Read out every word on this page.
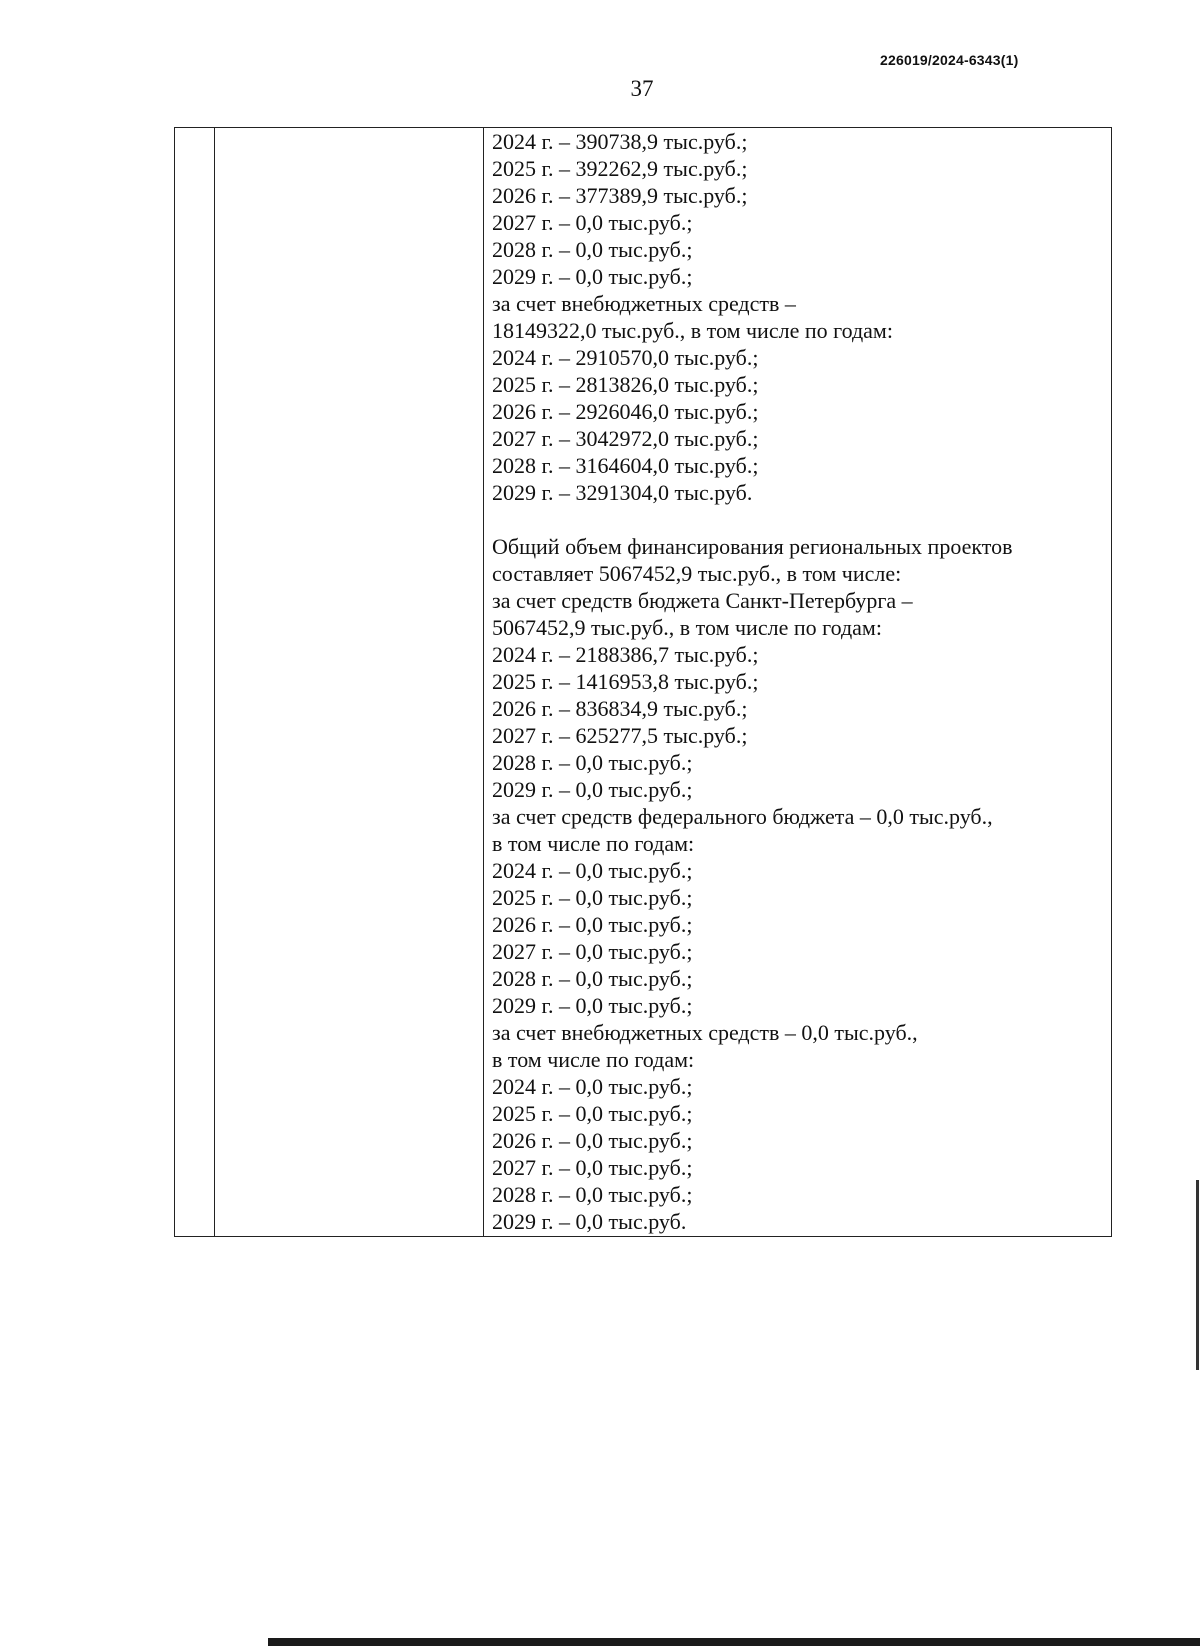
226019/2024-6343(1)
37
2024 г. – 390738,9 тыс.руб.;
2025 г. – 392262,9 тыс.руб.;
2026 г. – 377389,9 тыс.руб.;
2027 г. – 0,0 тыс.руб.;
2028 г. – 0,0 тыс.руб.;
2029 г. – 0,0 тыс.руб.;
за счет внебюджетных средств –
18149322,0 тыс.руб., в том числе по годам:
2024 г. – 2910570,0 тыс.руб.;
2025 г. – 2813826,0 тыс.руб.;
2026 г. – 2926046,0 тыс.руб.;
2027 г. – 3042972,0 тыс.руб.;
2028 г. – 3164604,0 тыс.руб.;
2029 г. – 3291304,0 тыс.руб.
Общий объем финансирования региональных проектов
составляет 5067452,9 тыс.руб., в том числе:
за счет средств бюджета Санкт-Петербурга –
5067452,9 тыс.руб., в том числе по годам:
2024 г. – 2188386,7 тыс.руб.;
2025 г. – 1416953,8 тыс.руб.;
2026 г. – 836834,9 тыс.руб.;
2027 г. – 625277,5 тыс.руб.;
2028 г. – 0,0 тыс.руб.;
2029 г. – 0,0 тыс.руб.;
за счет средств федерального бюджета – 0,0 тыс.руб.,
в том числе по годам:
2024 г. – 0,0 тыс.руб.;
2025 г. – 0,0 тыс.руб.;
2026 г. – 0,0 тыс.руб.;
2027 г. – 0,0 тыс.руб.;
2028 г. – 0,0 тыс.руб.;
2029 г. – 0,0 тыс.руб.;
за счет внебюджетных средств – 0,0 тыс.руб.,
в том числе по годам:
2024 г. – 0,0 тыс.руб.;
2025 г. – 0,0 тыс.руб.;
2026 г. – 0,0 тыс.руб.;
2027 г. – 0,0 тыс.руб.;
2028 г. – 0,0 тыс.руб.;
2029 г. – 0,0 тыс.руб.
